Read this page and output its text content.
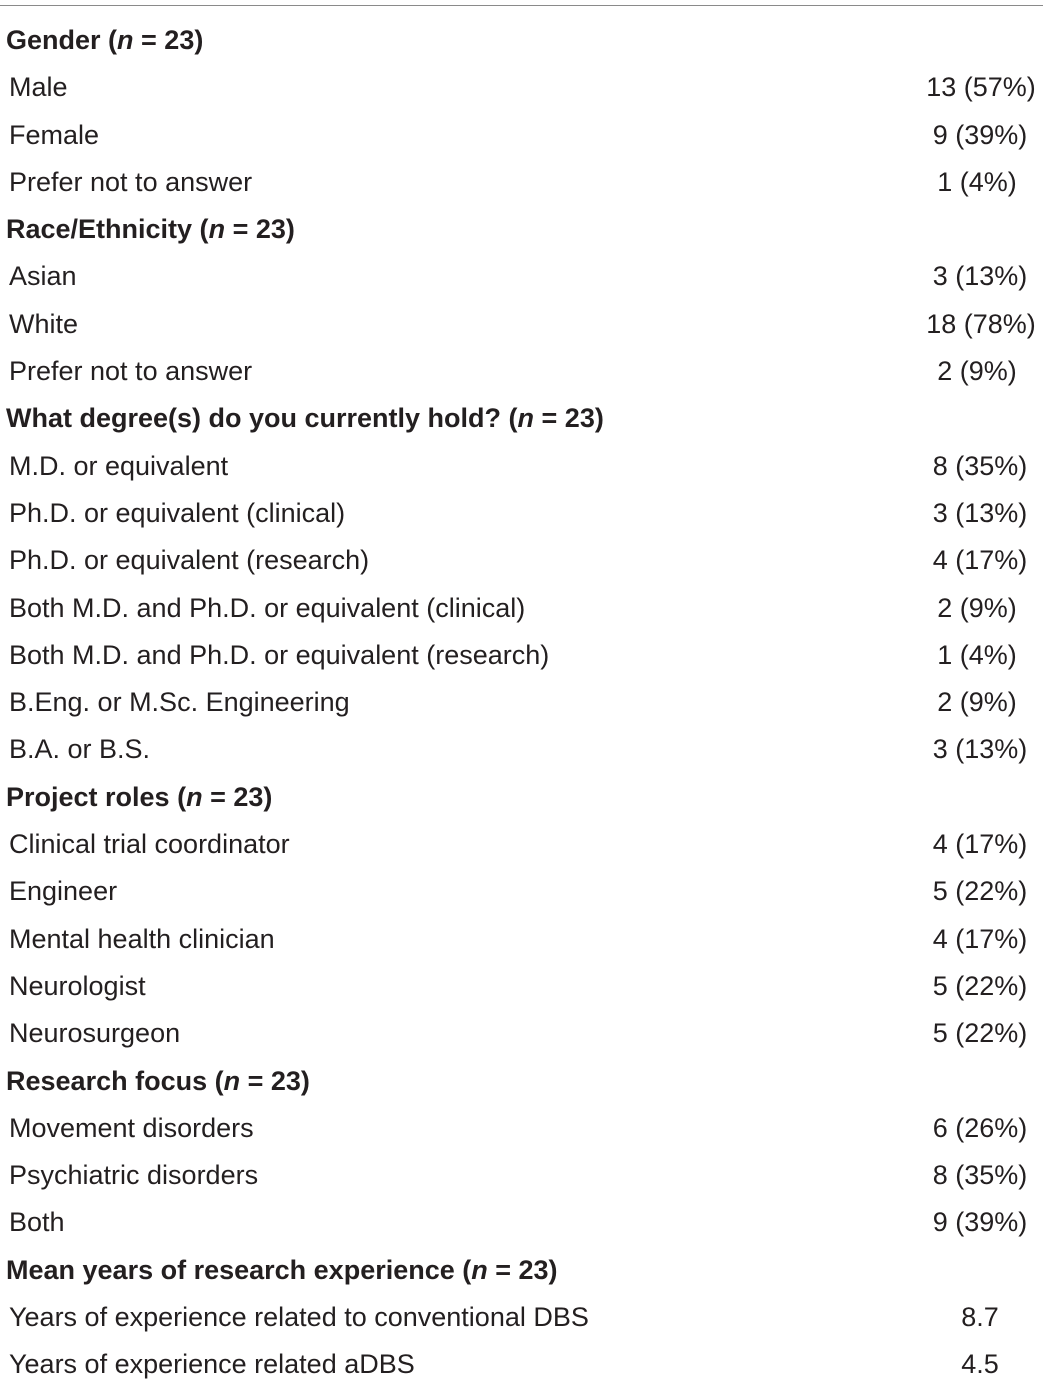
Gender (n = 23)
Male	13 (57%)
Female	9 (39%)
Prefer not to answer	1 (4%)
Race/Ethnicity (n = 23)
Asian	3 (13%)
White	18 (78%)
Prefer not to answer	2 (9%)
What degree(s) do you currently hold? (n = 23)
M.D. or equivalent	8 (35%)
Ph.D. or equivalent (clinical)	3 (13%)
Ph.D. or equivalent (research)	4 (17%)
Both M.D. and Ph.D. or equivalent (clinical)	2 (9%)
Both M.D. and Ph.D. or equivalent (research)	1 (4%)
B.Eng. or M.Sc. Engineering	2 (9%)
B.A. or B.S.	3 (13%)
Project roles (n = 23)
Clinical trial coordinator	4 (17%)
Engineer	5 (22%)
Mental health clinician	4 (17%)
Neurologist	5 (22%)
Neurosurgeon	5 (22%)
Research focus (n = 23)
Movement disorders	6 (26%)
Psychiatric disorders	8 (35%)
Both	9 (39%)
Mean years of research experience (n = 23)
Years of experience related to conventional DBS	8.7
Years of experience related aDBS	4.5
